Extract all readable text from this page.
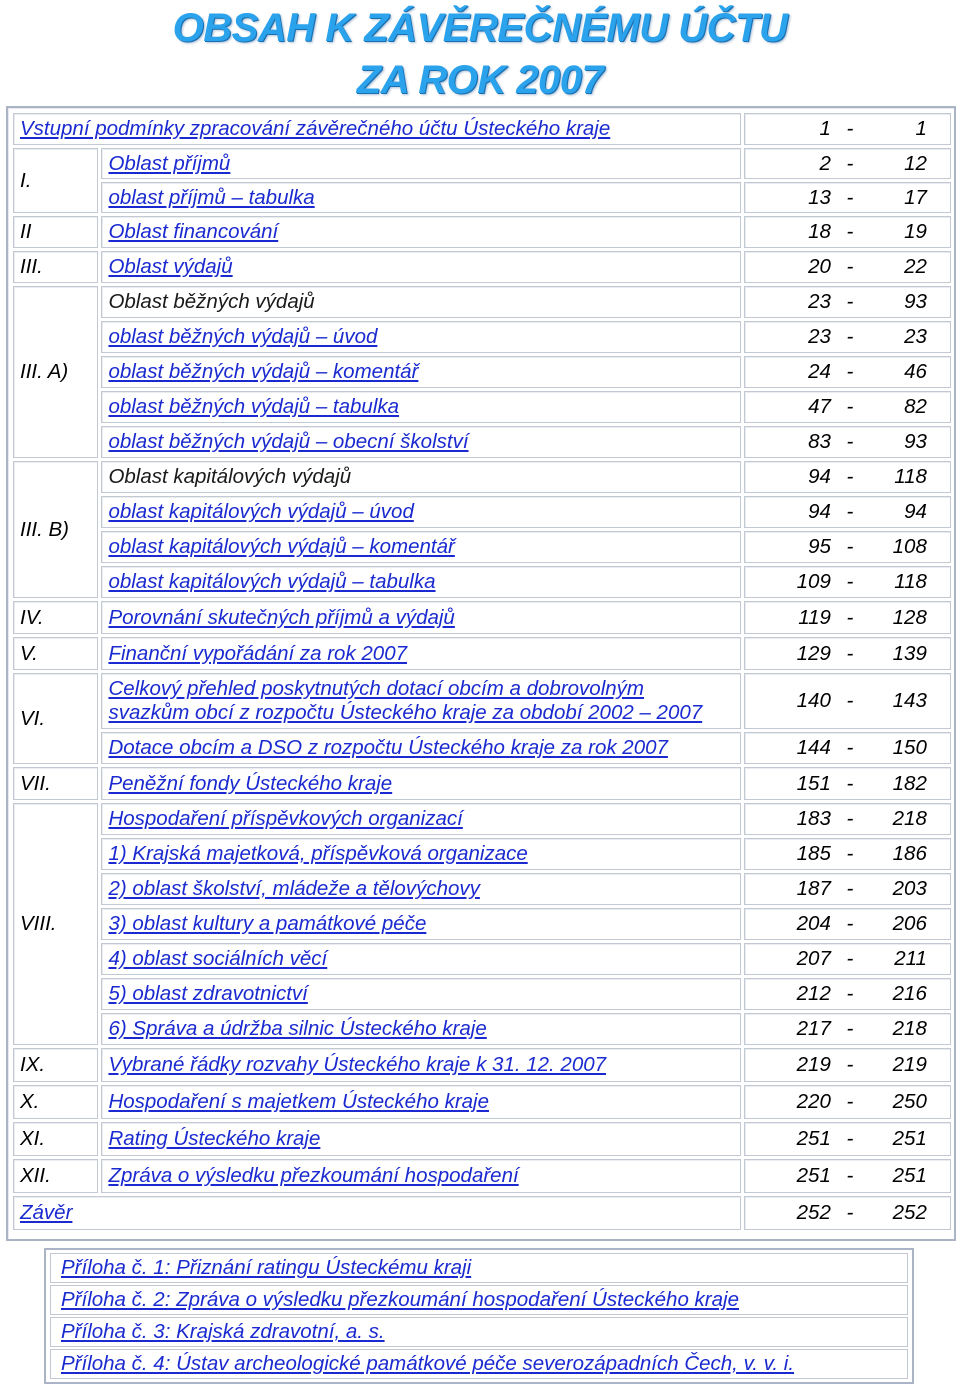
OBSAH K ZÁVĚREČNÉMU ÚČTU
ZA ROK 2007
Vstupní podmínky zpracování závěrečného účtu Ústeckého kraje		1 - 1
I.	Oblast příjmů	2 - 12
	oblast příjmů – tabulka	13 - 17
II	Oblast financování	18 - 19
III.	Oblast výdajů	20 - 22
III. A)	Oblast běžných výdajů	23 - 93
	oblast běžných výdajů – úvod	23 - 23
	oblast běžných výdajů – komentář	24 - 46
	oblast běžných výdajů – tabulka	47 - 82
	oblast běžných výdajů – obecní školství	83 - 93
III. B)	Oblast kapitálových výdajů	94 - 118
	oblast kapitálových výdajů – úvod	94 - 94
	oblast kapitálových výdajů – komentář	95 - 108
	oblast kapitálových výdajů – tabulka	109 - 118
IV.	Porovnání skutečných příjmů a výdajů	119 - 128
V.	Finanční vypořádání za rok 2007	129 - 139
VI.	Celkový přehled poskytnutých dotací obcím a dobrovolným
svazkům obcí z rozpočtu Ústeckého kraje za období 2002 – 2007	140 - 143
	Dotace obcím a DSO z rozpočtu Ústeckého kraje za rok 2007	144 - 150
VII.	Peněžní fondy Ústeckého kraje	151 - 182
VIII.	Hospodaření příspěvkových organizací	183 - 218
	1) Krajská majetková, příspěvková organizace	185 - 186
	2) oblast školství, mládeže a tělovýchovy	187 - 203
	3) oblast kultury a památkové péče	204 - 206
	4) oblast sociálních věcí	207 - 211
	5) oblast zdravotnictví	212 - 216
	6) Správa a údržba silnic Ústeckého kraje	217 - 218
IX.	Vybrané řádky rozvahy Ústeckého kraje k 31. 12. 2007	219 - 219
X.	Hospodaření s majetkem Ústeckého kraje	220 - 250
XI.	Rating Ústeckého kraje	251 - 251
XII.	Zpráva o výsledku přezkoumání hospodaření	251 - 251
Závěr		252 - 252
Příloha č. 1: Přiznání ratingu Ústeckému kraji
Příloha č. 2: Zpráva o výsledku přezkoumání hospodaření Ústeckého kraje
Příloha č. 3: Krajská zdravotní, a. s.
Příloha č. 4: Ústav archeologické památkové péče severozápadních Čech, v. v. i.
